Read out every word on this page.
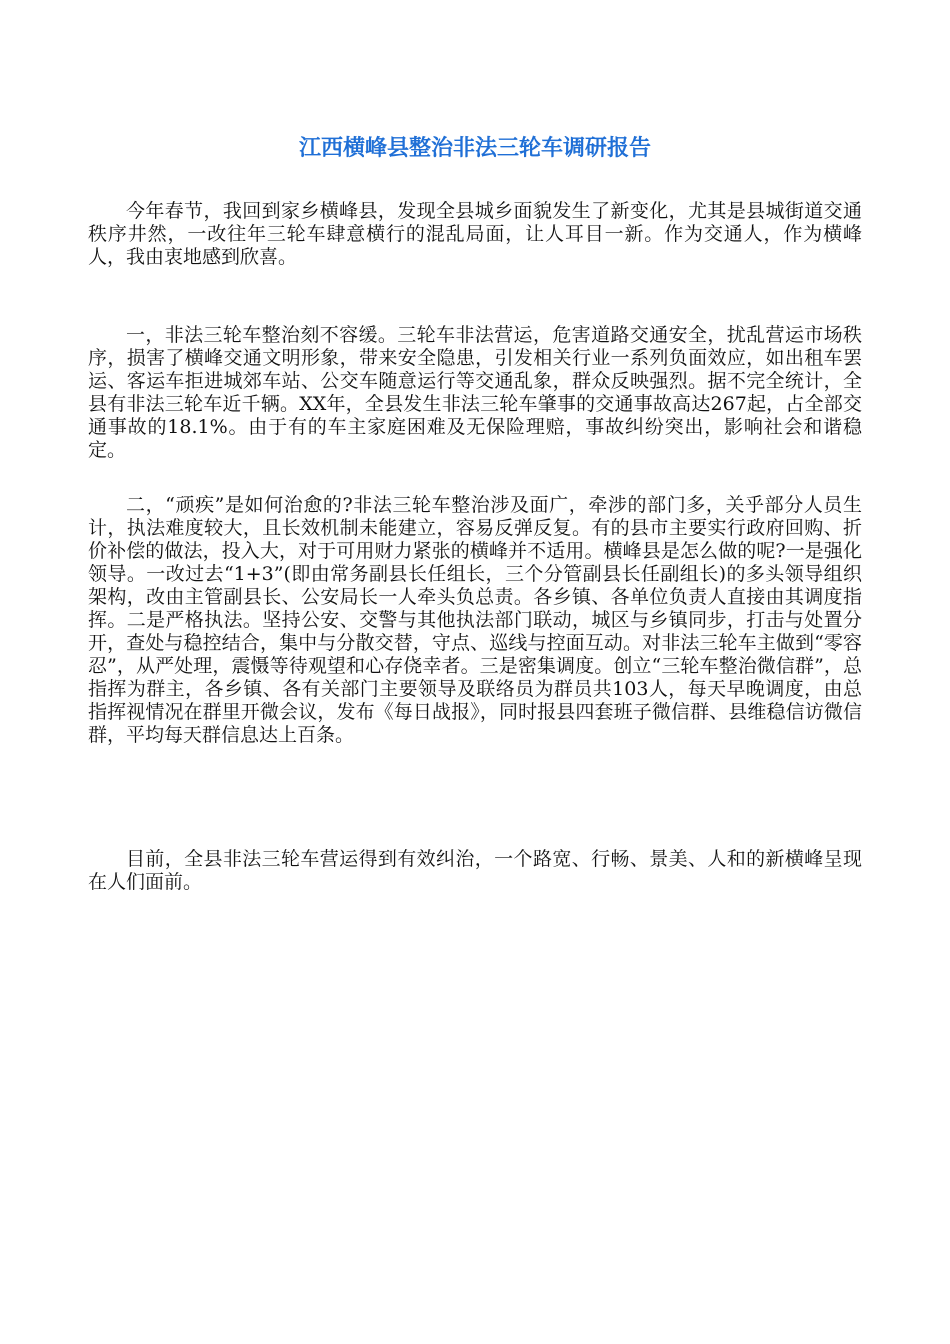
江西横峰县整治非法三轮车调研报告

今年春节，我回到家乡横峰县，发现全县城乡面貌发生了新变化，尤其是县城街道交通秩序井然，一改往年三轮车肆意横行的混乱局面，让人耳目一新。作为交通人，作为横峰人，我由衷地感到欣喜。

一，非法三轮车整治刻不容缓。三轮车非法营运，危害道路交通安全，扰乱营运市场秩序，损害了横峰交通文明形象，带来安全隐患，引发相关行业一系列负面效应，如出租车罢运、客运车拒进城郊车站、公交车随意运行等交通乱象，群众反映强烈。据不完全统计，全县有非法三轮车近千辆。XX年，全县发生非法三轮车肇事的交通事故高达267起，占全部交通事故的18.1%。由于有的车主家庭困难及无保险理赔，事故纠纷突出，影响社会和谐稳定。

二，“顽疾”是如何治愈的?非法三轮车整治涉及面广，牵涉的部门多，关乎部分人员生计，执法难度较大，且长效机制未能建立，容易反弹反复。有的县市主要实行政府回购、折价补偿的做法，投入大，对于可用财力紧张的横峰并不适用。横峰县是怎么做的呢?一是强化领导。一改过去“1+3”(即由常务副县长任组长，三个分管副县长任副组长)的多头领导组织架构，改由主管副县长、公安局长一人牵头负总责。各乡镇、各单位负责人直接由其调度指挥。二是严格执法。坚持公安、交警与其他执法部门联动，城区与乡镇同步，打击与处置分开，查处与稳控结合，集中与分散交替，守点、巡线与控面互动。对非法三轮车主做到“零容忍”，从严处理，震慑等待观望和心存侥幸者。三是密集调度。创立“三轮车整治微信群”，总指挥为群主，各乡镇、各有关部门主要领导及联络员为群员共103人，每天早晚调度，由总指挥视情况在群里开微会议，发布《每日战报》，同时报县四套班子微信群、县维稳信访微信群，平均每天群信息达上百条。

目前，全县非法三轮车营运得到有效纠治，一个路宽、行畅、景美、人和的新横峰呈现在人们面前。
